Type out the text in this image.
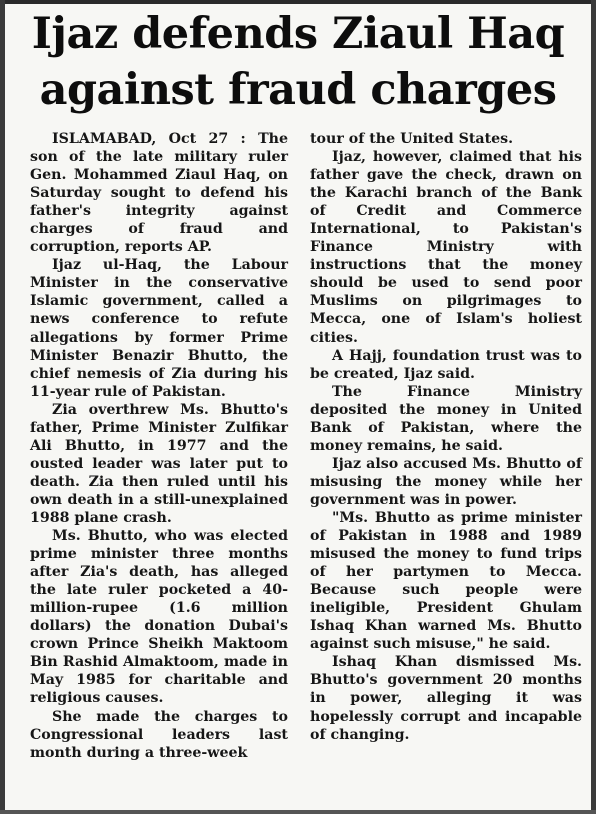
Ijaz defends Ziaul Haq
against fraud charges

ISLAMABAD, Oct 27 : The son of the late military ruler Gen. Mohammed Ziaul Haq, on Saturday sought to defend his father's integrity against charges of fraud and corruption, reports AP.

Ijaz ul-Haq, the Labour Minister in the conservative Islamic government, called a news conference to refute allegations by former Prime Minister Benazir Bhutto, the chief nemesis of Zia during his 11-year rule of Pakistan.

Zia overthrew Ms. Bhutto's father, Prime Minister Zulfikar Ali Bhutto, in 1977 and the ousted leader was later put to death. Zia then ruled until his own death in a still-unexplained 1988 plane crash.

Ms. Bhutto, who was elected prime minister three months after Zia's death, has alleged the late ruler pocketed a 40-million-rupee (1.6 million dollars) the donation Dubai's crown Prince Sheikh Maktoom Bin Rashid Almaktoom, made in May 1985 for charitable and religious causes.

She made the charges to Congressional leaders last month during a three-week

tour of the United States.

Ijaz, however, claimed that his father gave the check, drawn on the Karachi branch of the Bank of Credit and Commerce International, to Pakistan's Finance Ministry with instructions that the money should be used to send poor Muslims on pilgrimages to Mecca, one of Islam's holiest cities.

A Hajj, foundation trust was to be created, Ijaz said.

The Finance Ministry deposited the money in United Bank of Pakistan, where the money remains, he said.

Ijaz also accused Ms. Bhutto of misusing the money while her government was in power.

"Ms. Bhutto as prime minister of Pakistan in 1988 and 1989 misused the money to fund trips of her partymen to Mecca. Because such people were ineligible, President Ghulam Ishaq Khan warned Ms. Bhutto against such misuse," he said.

Ishaq Khan dismissed Ms. Bhutto's government 20 months in power, alleging it was hopelessly corrupt and incapable of changing.
